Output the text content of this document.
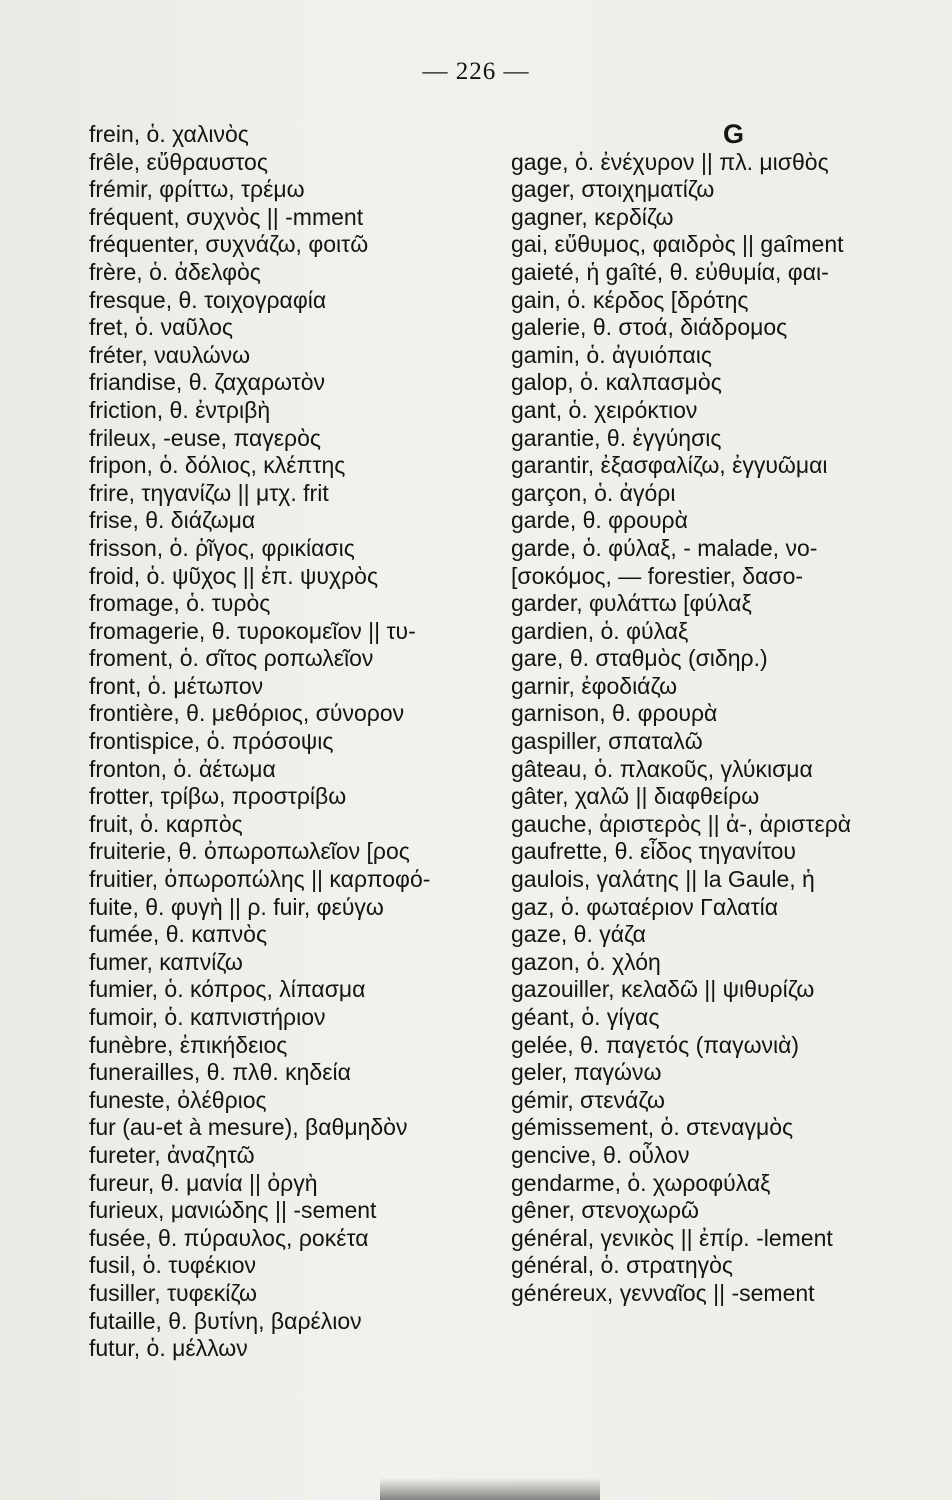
— 226 —
frein, ὁ. χαλινὸς
frêle, εὔθραυστος
frémir, φρίττω, τρέμω
fréquent, συχνὸς || -mment
fréquenter, συχνάζω, φοιτῶ
frère, ὁ. ἀδελφὸς
fresque, θ. τοιχογραφία
fret, ὁ. ναῦλος
fréter, ναυλώνω
friandise, θ. ζαχαρωτὸν
friction, θ. ἐντριβὴ
frileux, -euse, παγερὸς
fripon, ὁ. δόλιος, κλέπτης
frire, τηγανίζω || μτχ. frit
frise, θ. διάζωμα
frisson, ὁ. ῥῖγος, φρικίασις
froid, ὁ. ψῦχος || ἐπ. ψυχρὸς
fromage, ὁ. τυρὸς
fromagerie, θ. τυροκομεῖον || τυ-
froment, ὁ. σῖτος ροπωλεῖον
front, ὁ. μέτωπον
frontière, θ. μεθόριος, σύνορον
frontispice, ὁ. πρόσοψις
fronton, ὁ. ἀέτωμα
frotter, τρίβω, προστρίβω
fruit, ὁ. καρπὸς
fruiterie, θ. ὀπωροπωλεῖον [ρος
fruitier, ὀπωροπώλης || καρποφό-
fuite, θ. φυγὴ || ρ. fuir, φεύγω
fumée, θ. καπνὸς
fumer, καπνίζω
fumier, ὁ. κόπρος, λίπασμα
fumoir, ὁ. καπνιστήριον
funèbre, ἐπικήδειος
funerailles, θ. πλθ. κηδεία
funeste, ὀλέθριος
fur (au-et à mesure), βαθμηδὸν
fureter, ἀναζητῶ
fureur, θ. μανία || ὀργὴ
furieux, μανιώδης || -sement
fusée, θ. πύραυλος, ροκέτα
fusil, ὁ. τυφέκιον
fusiller, τυφεκίζω
futaille, θ. βυτίνη, βαρέλιον
futur, ὁ. μέλλων
G
gage, ὁ. ἐνέχυρον || πλ. μισθὸς
gager, στοιχηματίζω
gagner, κερδίζω
gai, εὔθυμος, φαιδρὸς || gaîment
gaieté, ἡ gaîté, θ. εὐθυμία, φαι-
gain, ὁ. κέρδος [δρότης
galerie, θ. στοά, διάδρομος
gamin, ὁ. ἀγυιόπαις
galop, ὁ. καλπασμὸς
gant, ὁ. χειρόκτιον
garantie, θ. ἐγγύησις
garantir, ἐξασφαλίζω, ἐγγυῶμαι
garçon, ὁ. ἀγόρι
garde, θ. φρουρὰ
garde, ὁ. φύλαξ, - malade, νο-
[σοκόμος, — forestier, δασο-
garder, φυλάττω [φύλαξ
gardien, ὁ. φύλαξ
gare, θ. σταθμὸς (σιδηρ.)
garnir, ἐφοδιάζω
garnison, θ. φρουρὰ
gaspiller, σπαταλῶ
gâteau, ὁ. πλακοῦς, γλύκισμα
gâter, χαλῶ || διαφθείρω
gauche, ἀριστερὸς || ἀ-, ἀριστερὰ
gaufrette, θ. εἶδος τηγανίτου
gaulois, γαλάτης || la Gaule, ἡ
gaz, ὁ. φωταέριον Γαλατία
gaze, θ. γάζα
gazon, ὁ. χλόη
gazouiller, κελαδῶ || ψιθυρίζω
géant, ὁ. γίγας
gelée, θ. παγετός (παγωνιὰ)
geler, παγώνω
gémir, στενάζω
gémissement, ὁ. στεναγμὸς
gencive, θ. οὖλον
gendarme, ὁ. χωροφύλαξ
gêner, στενοχωρῶ
général, γενικὸς || ἐπίρ. -lement
général, ὁ. στρατηγὸς
généreux, γενναῖος || -sement
